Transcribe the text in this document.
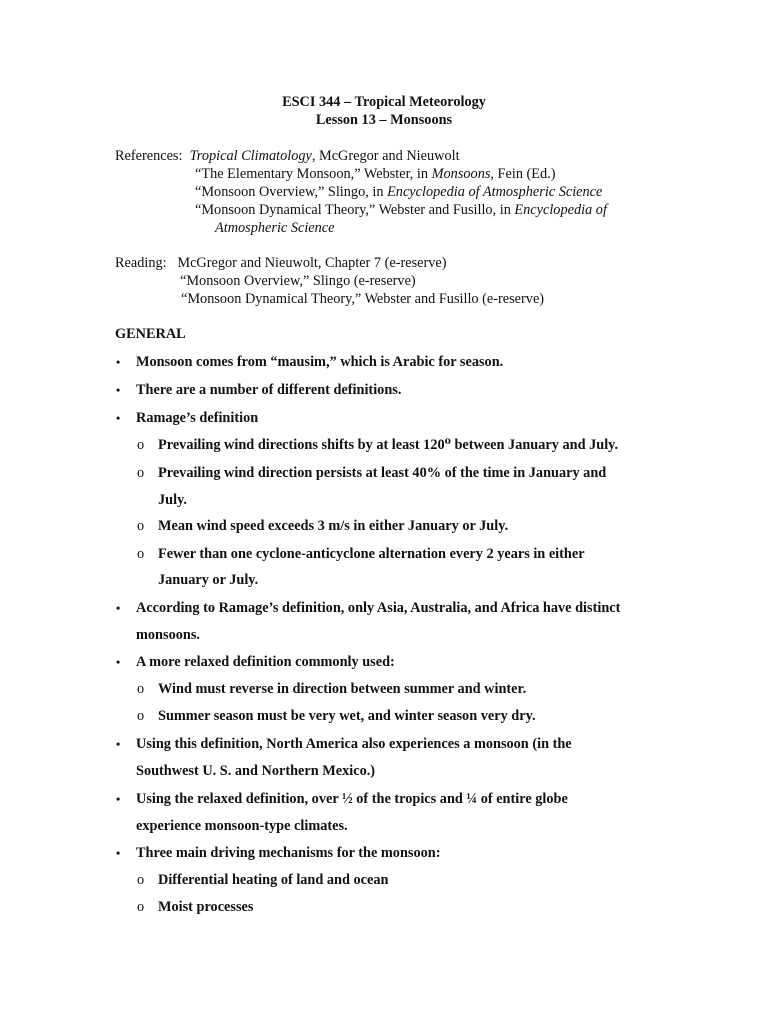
ESCI 344 – Tropical Meteorology
Lesson 13 – Monsoons
References: Tropical Climatology, McGregor and Nieuwolt
“The Elementary Monsoon,” Webster, in Monsoons, Fein (Ed.)
“Monsoon Overview,” Slingo, in Encyclopedia of Atmospheric Science
“Monsoon Dynamical Theory,” Webster and Fusillo, in Encyclopedia of
Atmospheric Science
Reading: McGregor and Nieuwolt, Chapter 7 (e-reserve)
“Monsoon Overview,” Slingo (e-reserve)
“Monsoon Dynamical Theory,” Webster and Fusillo (e-reserve)
GENERAL
• Monsoon comes from “mausim,” which is Arabic for season.
• There are a number of different definitions.
• Ramage’s definition
o Prevailing wind directions shifts by at least 120⁰ between January and July.
o Prevailing wind direction persists at least 40% of the time in January and
July.
o Mean wind speed exceeds 3 m/s in either January or July.
o Fewer than one cyclone-anticyclone alternation every 2 years in either
January or July.
• According to Ramage’s definition, only Asia, Australia, and Africa have distinct
monsoons.
• A more relaxed definition commonly used:
o Wind must reverse in direction between summer and winter.
o Summer season must be very wet, and winter season very dry.
• Using this definition, North America also experiences a monsoon (in the
Southwest U. S. and Northern Mexico.)
• Using the relaxed definition, over ½ of the tropics and ¼ of entire globe
experience monsoon-type climates.
• Three main driving mechanisms for the monsoon:
o Differential heating of land and ocean
o Moist processes
